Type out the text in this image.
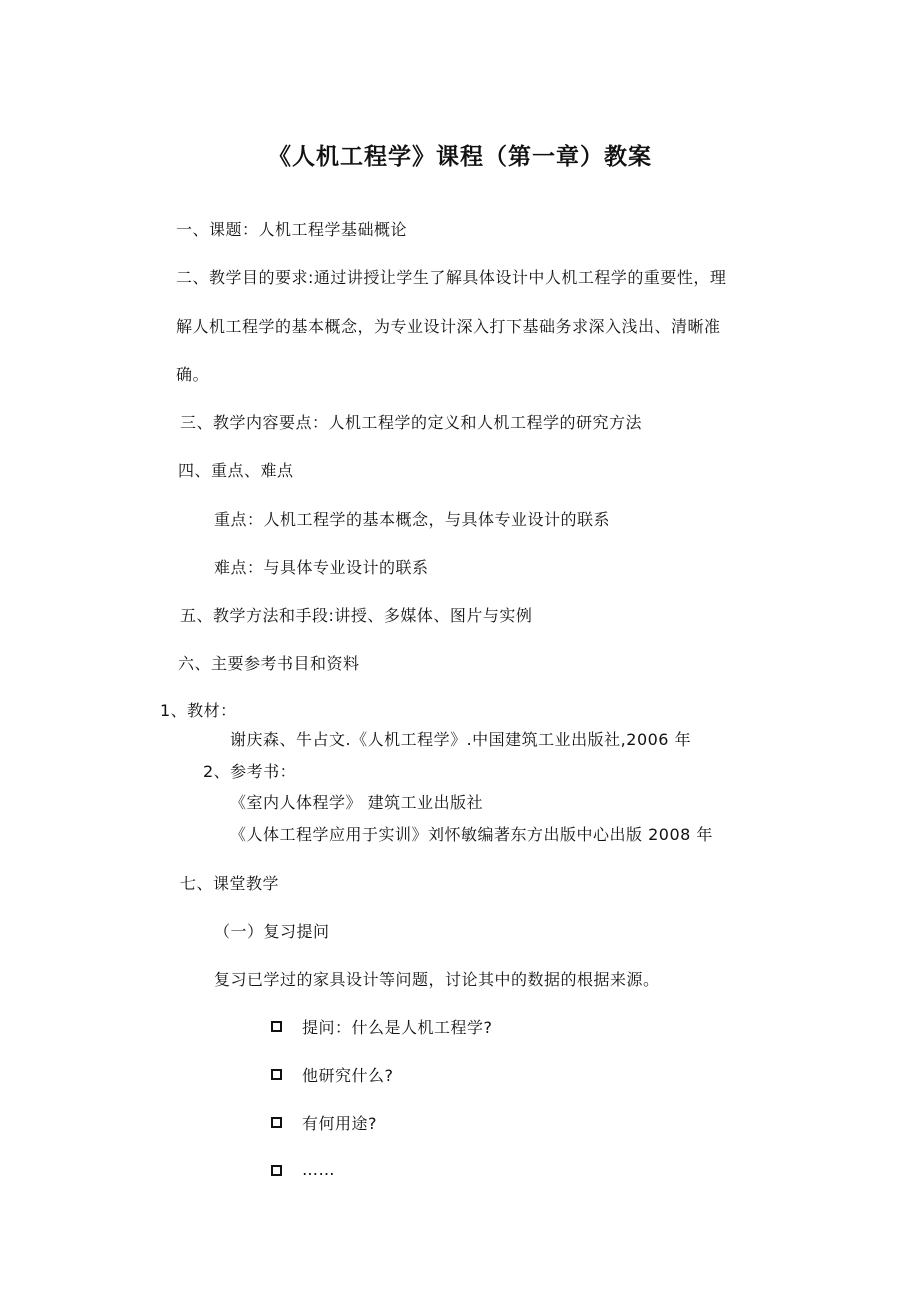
《人机工程学》课程（第一章）教案
一、课题：人机工程学基础概论
二、教学目的要求:通过讲授让学生了解具体设计中人机工程学的重要性，理
解人机工程学的基本概念，为专业设计深入打下基础务求深入浅出、清晰准
确。
三、教学内容要点：人机工程学的定义和人机工程学的研究方法
四、重点、难点
重点：人机工程学的基本概念，与具体专业设计的联系
难点：与具体专业设计的联系
五、教学方法和手段:讲授、多媒体、图片与实例
六、主要参考书目和资料
1、教材：
谢庆森、牛占文.《人机工程学》.中国建筑工业出版社,2006 年
2、参考书：
《室内人体程学》 建筑工业出版社
《人体工程学应用于实训》刘怀敏编著东方出版中心出版 2008 年
七、课堂教学
（一）复习提问
复习已学过的家具设计等问题，讨论其中的数据的根据来源。
提问：什么是人机工程学?
他研究什么?
有何用途?
……
